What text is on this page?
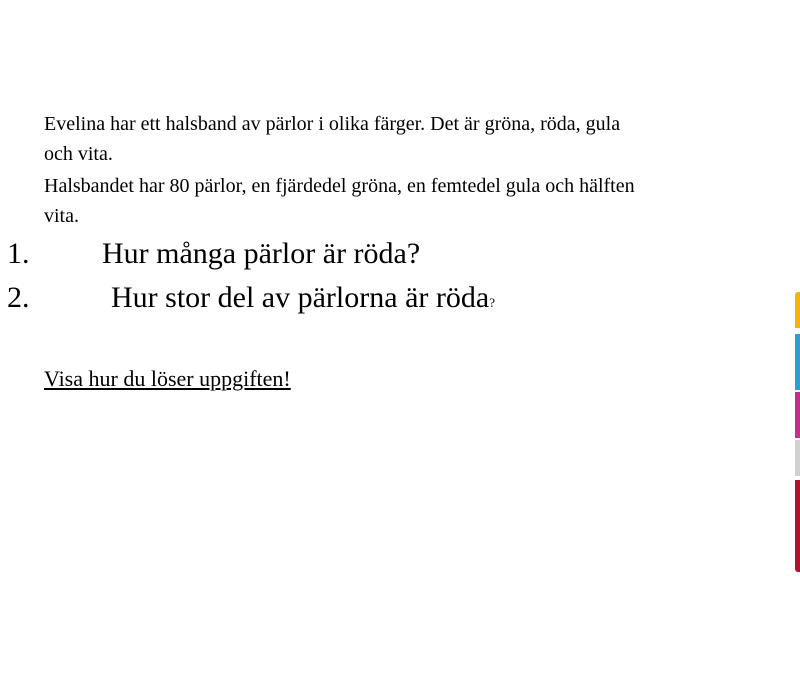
Evelina har ett halsband av pärlor i olika färger. Det är gröna, röda, gula
och vita.
Halsbandet har 80 pärlor, en fjärdedel gröna, en femtedel gula och hälften
vita.
1. Hur många pärlor är röda?
2.	Hur stor del av pärlorna är röda?
Visa hur du löser uppgiften!
